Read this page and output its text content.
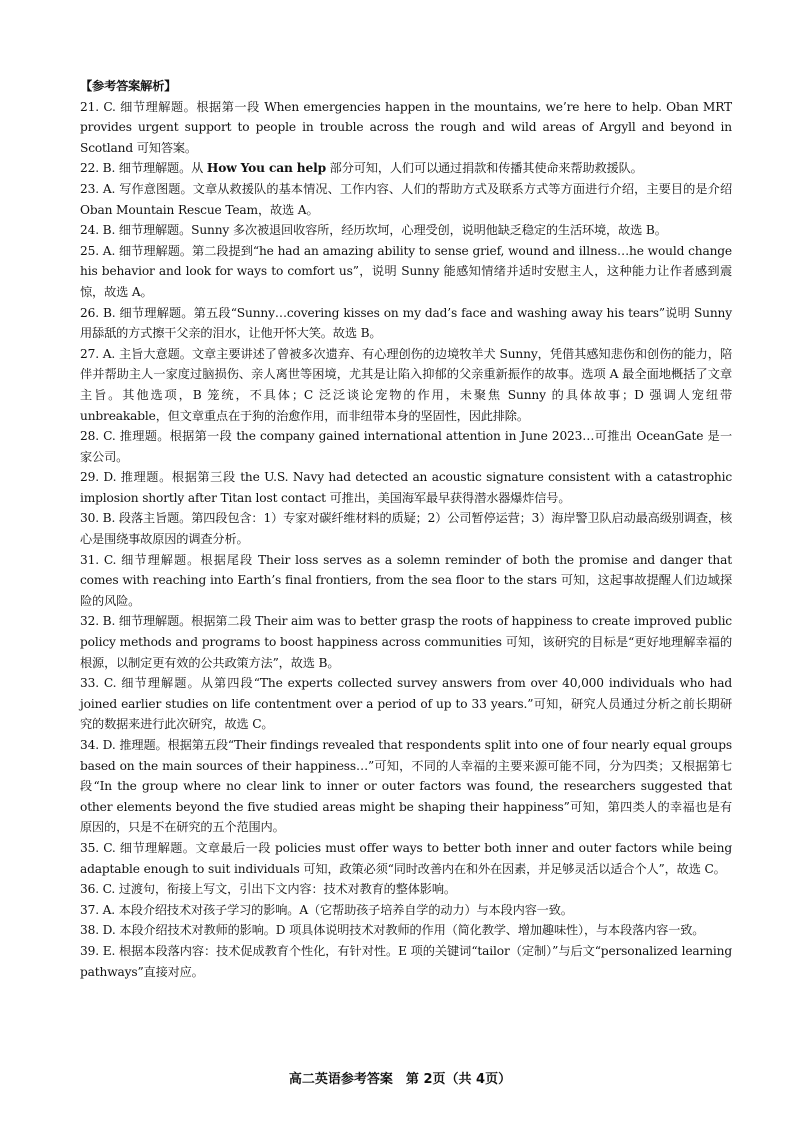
【参考答案解析】

21. C. 细节理解题。根据第一段 When emergencies happen in the mountains, we’re here to help. Oban MRT provides urgent support to people in trouble across the rough and wild areas of Argyll and beyond in Scotland 可知答案。

22. B. 细节理解题。从 How You can help 部分可知，人们可以通过捐款和传播其使命来帮助救援队。

23. A. 写作意图题。文章从救援队的基本情况、工作内容、人们的帮助方式及联系方式等方面进行介绍，主要目的是介绍 Oban Mountain Rescue Team，故选 A。

24. B. 细节理解题。Sunny 多次被退回收容所，经历坎坷，心理受创，说明他缺乏稳定的生活环境，故选 B。

25. A. 细节理解题。第二段提到“he had an amazing ability to sense grief, wound and illness…he would change his behavior and look for ways to comfort us”，说明 Sunny 能感知情绪并适时安慰主人，这种能力让作者感到震惊，故选 A。

26. B. 细节理解题。第五段“Sunny…covering kisses on my dad’s face and washing away his tears”说明 Sunny 用舔舐的方式擦干父亲的泪水，让他开怀大笑。故选 B。

27. A. 主旨大意题。文章主要讲述了曾被多次遗弃、有心理创伤的边境牧羊犬 Sunny，凭借其感知悲伤和创伤的能力，陪伴并帮助主人一家度过脑损伤、亲人离世等困境，尤其是让陷入抑郁的父亲重新振作的故事。选项 A 最全面地概括了文章主旨。其他选项，B 笼统，不具体；C 泛泛谈论宠物的作用，未聚焦 Sunny 的具体故事；D 强调人宠纽带 unbreakable，但文章重点在于狗的治愈作用，而非纽带本身的坚固性，因此排除。

28. C. 推理题。根据第一段 the company gained international attention in June 2023…可推出 OceanGate 是一家公司。

29. D. 推理题。根据第三段 the U.S. Navy had detected an acoustic signature consistent with a catastrophic implosion shortly after Titan lost contact 可推出，美国海军最早获得潜水器爆炸信号。

30. B. 段落主旨题。第四段包含：1）专家对碳纤维材料的质疑；2）公司暂停运营；3）海岸警卫队启动最高级别调查，核心是围绕事故原因的调查分析。

31. C. 细节理解题。根据尾段 Their loss serves as a solemn reminder of both the promise and danger that comes with reaching into Earth’s final frontiers, from the sea floor to the stars 可知，这起事故提醒人们边域探险的风险。

32. B. 细节理解题。根据第二段 Their aim was to better grasp the roots of happiness to create improved public policy methods and programs to boost happiness across communities 可知，该研究的目标是“更好地理解幸福的根源，以制定更有效的公共政策方法”，故选 B。

33. C. 细节理解题。从第四段“The experts collected survey answers from over 40,000 individuals who had joined earlier studies on life contentment over a period of up to 33 years.”可知，研究人员通过分析之前长期研究的数据来进行此次研究，故选 C。

34. D. 推理题。根据第五段“Their findings revealed that respondents split into one of four nearly equal groups based on the main sources of their happiness…”可知，不同的人幸福的主要来源可能不同，分为四类；又根据第七段“In the group where no clear link to inner or outer factors was found, the researchers suggested that other elements beyond the five studied areas might be shaping their happiness”可知，第四类人的幸福也是有原因的，只是不在研究的五个范围内。

35. C. 细节理解题。文章最后一段 policies must offer ways to better both inner and outer factors while being adaptable enough to suit individuals 可知，政策必须“同时改善内在和外在因素，并足够灵活以适合个人”，故选 C。

36. C. 过渡句，衔接上写文，引出下文内容：技术对教育的整体影响。

37. A. 本段介绍技术对孩子学习的影响。A（它帮助孩子培养自学的动力）与本段内容一致。

38. D. 本段介绍技术对教师的影响。D 项具体说明技术对教师的作用（简化教学、增加趣味性），与本段落内容一致。

39. E. 根据本段落内容：技术促成教育个性化，有针对性。E 项的关键词“tailor（定制）”与后文“personalized learning pathways”直接对应。

高二英语参考答案　第 2页（共 4页）
